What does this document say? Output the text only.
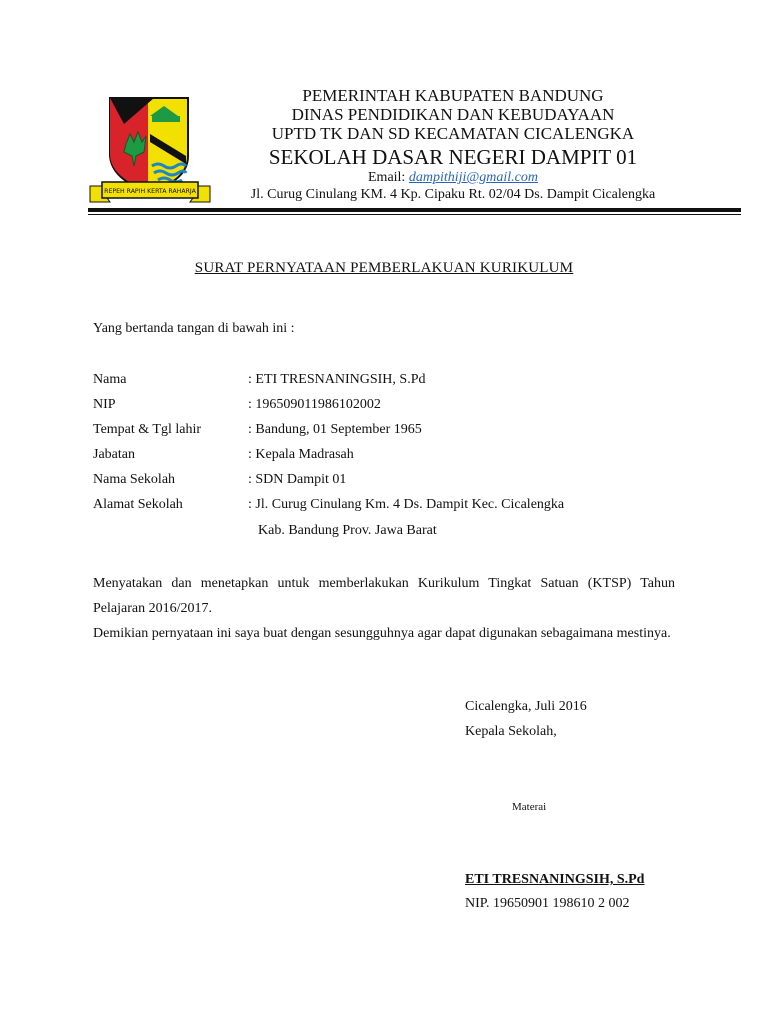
REPEH RAPIH KERTA RAHARJA
PEMERINTAH KABUPATEN BANDUNG
DINAS PENDIDIKAN DAN KEBUDAYAAN
UPTD TK DAN SD KECAMATAN CICALENGKA
SEKOLAH DASAR NEGERI DAMPIT 01
Email: dampithiji@gmail.com
Jl. Curug Cinulang KM. 4 Kp. Cipaku Rt. 02/04 Ds. Dampit Cicalengka
SURAT PERNYATAAN PEMBERLAKUAN KURIKULUM
Yang bertanda tangan di bawah ini :
Nama	: ETI TRESNANINGSIH, S.Pd
NIP	: 196509011986102002
Tempat & Tgl lahir	: Bandung, 01 September 1965
Jabatan	: Kepala Madrasah
Nama Sekolah	: SDN Dampit 01
Alamat Sekolah	: Jl. Curug Cinulang Km. 4 Ds. Dampit Kec. Cicalengka
Kab. Bandung Prov. Jawa Barat
Menyatakan dan menetapkan untuk memberlakukan Kurikulum Tingkat Satuan (KTSP) Tahun Pelajaran 2016/2017.
Demikian pernyataan ini saya buat dengan sesungguhnya agar dapat digunakan sebagaimana mestinya.
Cicalengka, Juli 2016
Kepala Sekolah,
Materai
ETI TRESNANINGSIH, S.Pd
NIP. 19650901 198610 2 002
